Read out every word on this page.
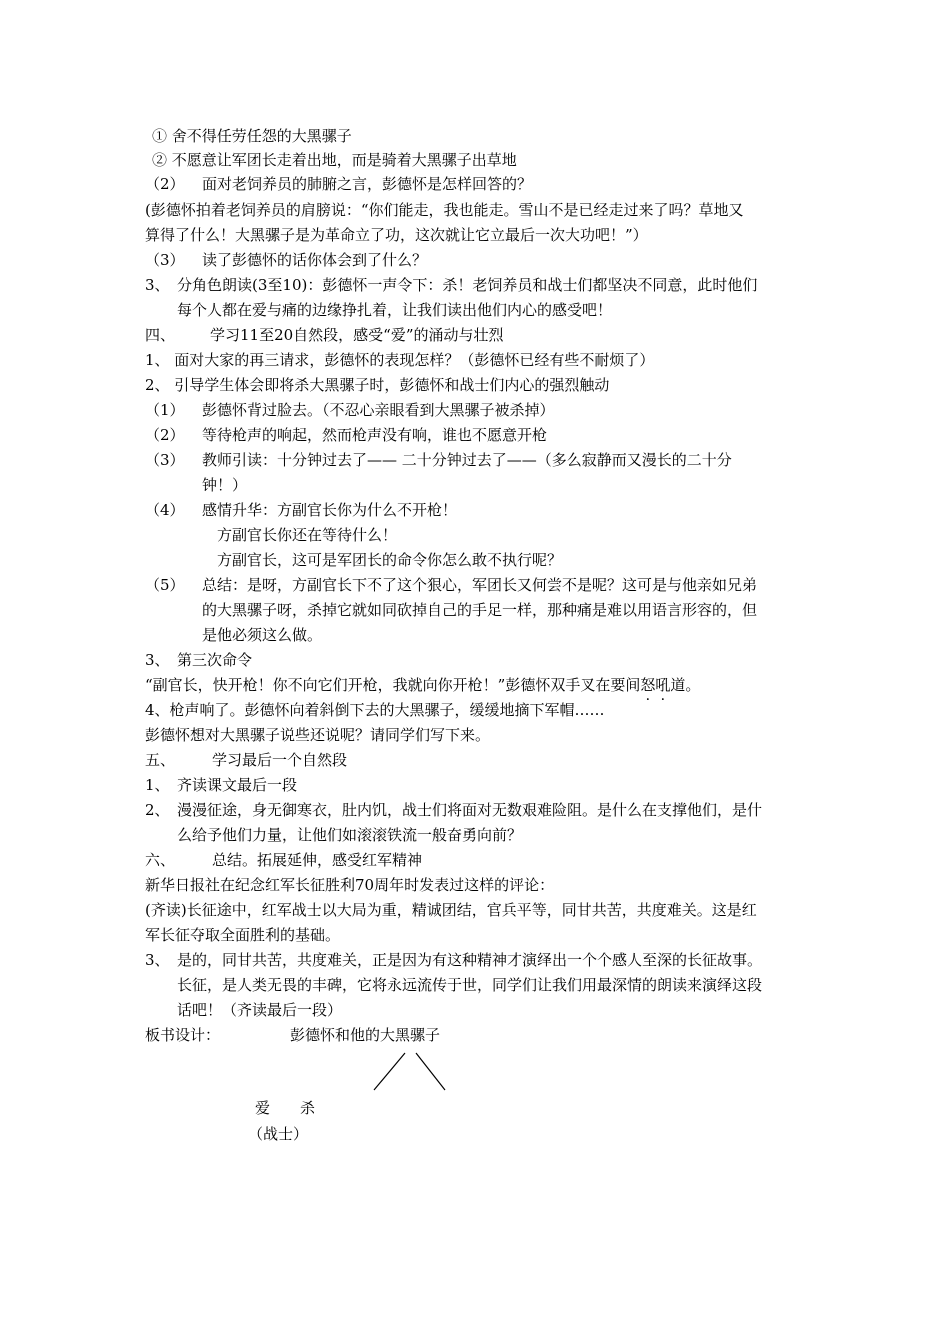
① 舍不得任劳任怨的大黑骡子
② 不愿意让军团长走着出地，而是骑着大黑骡子出草地
（2） 面对老饲养员的肺腑之言，彭德怀是怎样回答的？
(彭德怀拍着老饲养员的肩膀说：“你们能走，我也能走。雪山不是已经走过来了吗？草地又
算得了什么！大黑骡子是为革命立了功，这次就让它立最后一次大功吧！”）
（3） 读了彭德怀的话你体会到了什么？
3、 分角色朗读(3至10)：彭德怀一声令下：杀！老饲养员和战士们都坚决不同意，此时他们
每个人都在爱与痛的边缘挣扎着，让我们读出他们内心的感受吧！
四、 学习11至20自然段，感受“爱”的涌动与壮烈
1、 面对大家的再三请求，彭德怀的表现怎样？（彭德怀已经有些不耐烦了）
2、 引导学生体会即将杀大黑骡子时，彭德怀和战士们内心的强烈触动
（1） 彭德怀背过脸去。（不忍心亲眼看到大黑骡子被杀掉）
（2） 等待枪声的响起，然而枪声没有响，谁也不愿意开枪
（3） 教师引读：十分钟过去了—— 二十分钟过去了——（多么寂静而又漫长的二十分
钟！）
（4） 感情升华：方副官长你为什么不开枪！
方副官长你还在等待什么！
方副官长，这可是军团长的命令你怎么敢不执行呢？
（5） 总结：是呀，方副官长下不了这个狠心，军团长又何尝不是呢？这可是与他亲如兄弟
的大黑骡子呀，杀掉它就如同砍掉自己的手足一样，那种痛是难以用语言形容的，但
是他必须这么做。
3、 第三次命令
“副官长，快开枪！你不向它们开枪，我就向你开枪！”彭德怀双手叉在要间怒吼道。
4、枪声响了。彭德怀向着斜倒下去的大黑骡子，缓缓地摘下军帽……
彭德怀想对大黑骡子说些还说呢？请同学们写下来。
五、 学习最后一个自然段
1、 齐读课文最后一段
2、 漫漫征途，身无御寒衣，肚内饥，战士们将面对无数艰难险阻。是什么在支撑他们，是什
么给予他们力量，让他们如滚滚铁流一般奋勇向前？
六、 总结。拓展延伸，感受红军精神
新华日报社在纪念红军长征胜利70周年时发表过这样的评论：
(齐读)长征途中，红军战士以大局为重，精诚团结，官兵平等，同甘共苦，共度难关。这是红
军长征夺取全面胜利的基础。
3、 是的，同甘共苦，共度难关，正是因为有这种精神才演绎出一个个感人至深的长征故事。
长征，是人类无畏的丰碑，它将永远流传于世，同学们让我们用最深情的朗读来演绎这段
话吧！（齐读最后一段）
板书设计：	彭德怀和他的大黑骡子
爱 杀
（战士）
